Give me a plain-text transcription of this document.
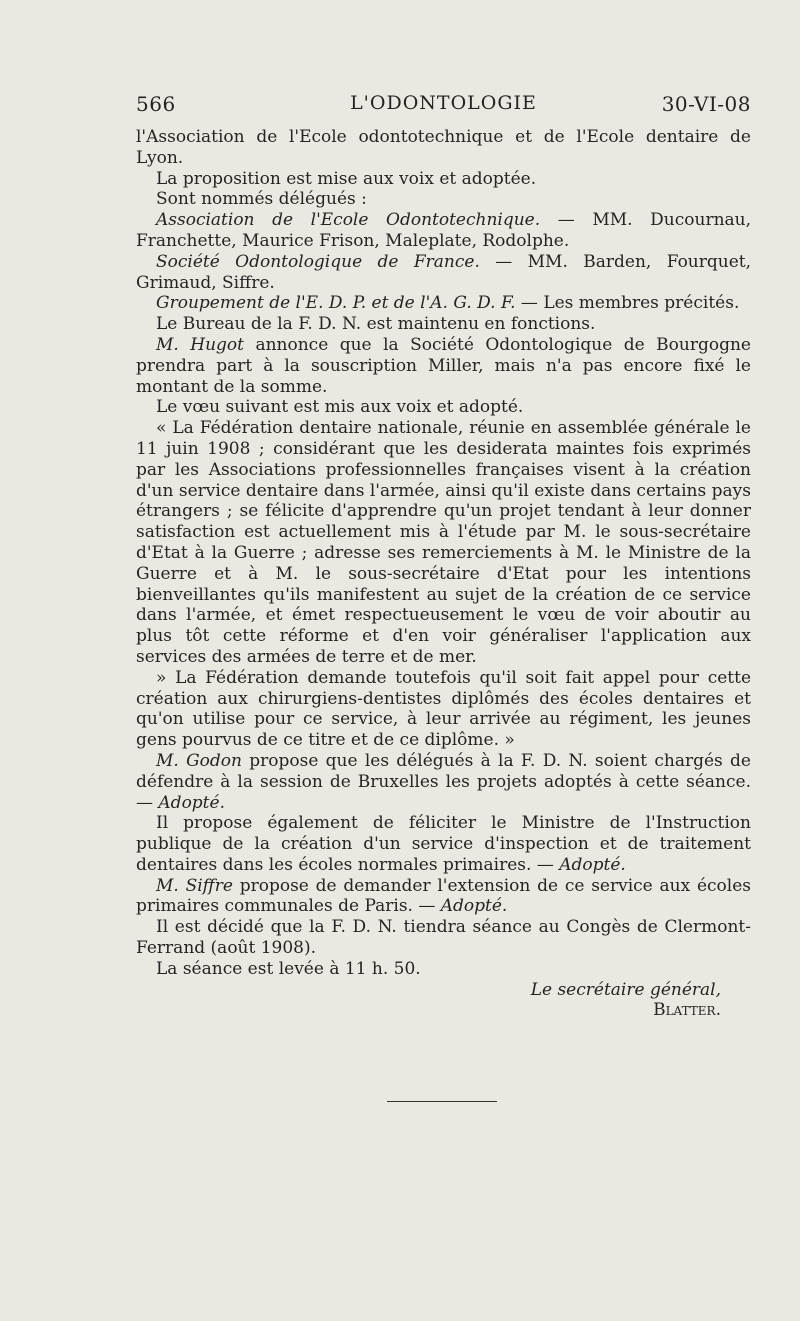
566	L'ODONTOLOGIE	30-VI-08

l'Association de l'Ecole odontotechnique et de l'Ecole dentaire de Lyon.

La proposition est mise aux voix et adoptée.

Sont nommés délégués :

Association de l'Ecole Odontotechnique. — MM. Ducournau, Franchette, Maurice Frison, Maleplate, Rodolphe.

Société Odontologique de France. — MM. Barden, Fourquet, Grimaud, Siffre.

Groupement de l'E. D. P. et de l'A. G. D. F. — Les membres précités.

Le Bureau de la F. D. N. est maintenu en fonctions.

M. Hugot annonce que la Société Odontologique de Bourgogne prendra part à la souscription Miller, mais n'a pas encore fixé le montant de la somme.

Le vœu suivant est mis aux voix et adopté.

« La Fédération dentaire nationale, réunie en assemblée générale le 11 juin 1908 ; considérant que les desiderata maintes fois exprimés par les Associations professionnelles françaises visent à la création d'un service dentaire dans l'armée, ainsi qu'il existe dans certains pays étrangers ; se félicite d'apprendre qu'un projet tendant à leur donner satisfaction est actuellement mis à l'étude par M. le sous-secrétaire d'Etat à la Guerre ; adresse ses remerciements à M. le Ministre de la Guerre et à M. le sous-secrétaire d'Etat pour les intentions bienveillantes qu'ils manifestent au sujet de la création de ce service dans l'armée, et émet respectueusement le vœu de voir aboutir au plus tôt cette réforme et d'en voir généraliser l'application aux services des armées de terre et de mer.

» La Fédération demande toutefois qu'il soit fait appel pour cette création aux chirurgiens-dentistes diplômés des écoles dentaires et qu'on utilise pour ce service, à leur arrivée au régiment, les jeunes gens pourvus de ce titre et de ce diplôme. »

M. Godon propose que les délégués à la F. D. N. soient chargés de défendre à la session de Bruxelles les projets adoptés à cette séance. — Adopté.

Il propose également de féliciter le Ministre de l'Instruction publique de la création d'un service d'inspection et de traitement dentaires dans les écoles normales primaires. — Adopté.

M. Siffre propose de demander l'extension de ce service aux écoles primaires communales de Paris. — Adopté.

Il est décidé que la F. D. N. tiendra séance au Congès de Clermont-Ferrand (août 1908).

La séance est levée à 11 h. 50.

Le secrétaire général,

Blatter.
